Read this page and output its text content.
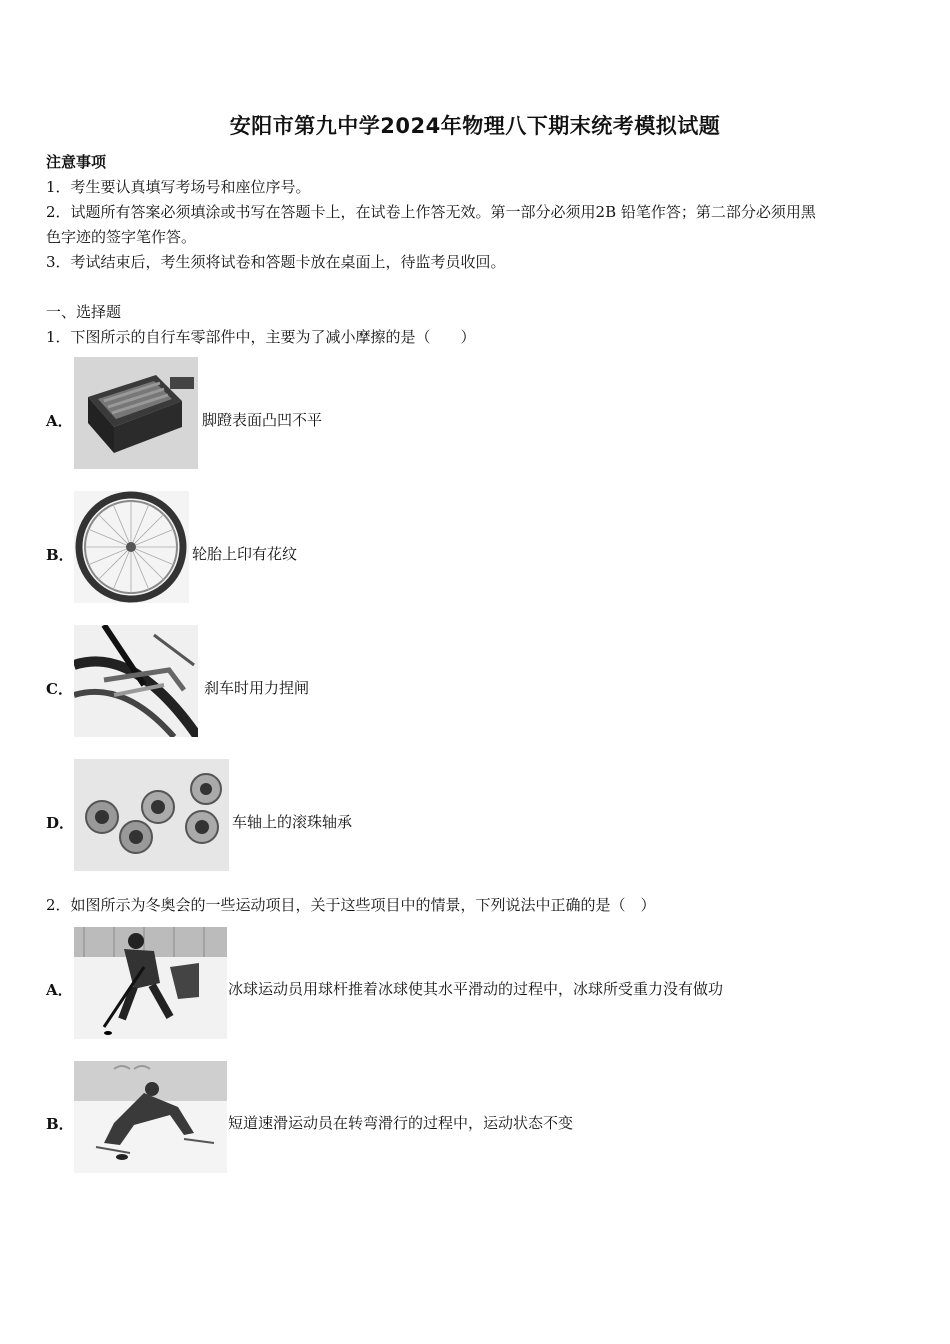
安阳市第九中学2024年物理八下期末统考模拟试题
注意事项
1．考生要认真填写考场号和座位序号。
2．试题所有答案必须填涂或书写在答题卡上，在试卷上作答无效。第一部分必须用2B 铅笔作答；第二部分必须用黑
色字迹的签字笔作答。
3．考试结束后，考生须将试卷和答题卡放在桌面上，待监考员收回。
一、选择题
1．下图所示的自行车零部件中，主要为了减小摩擦的是（　　）
A．	脚蹬表面凸凹不平
B．	轮胎上印有花纹
C．	刹车时用力捏闸
D．	车轴上的滚珠轴承
2．如图所示为冬奥会的一些运动项目，关于这些项目中的情景，下列说法中正确的是（　）
A．	冰球运动员用球杆推着冰球使其水平滑动的过程中，冰球所受重力没有做功
B．	短道速滑运动员在转弯滑行的过程中，运动状态不变
